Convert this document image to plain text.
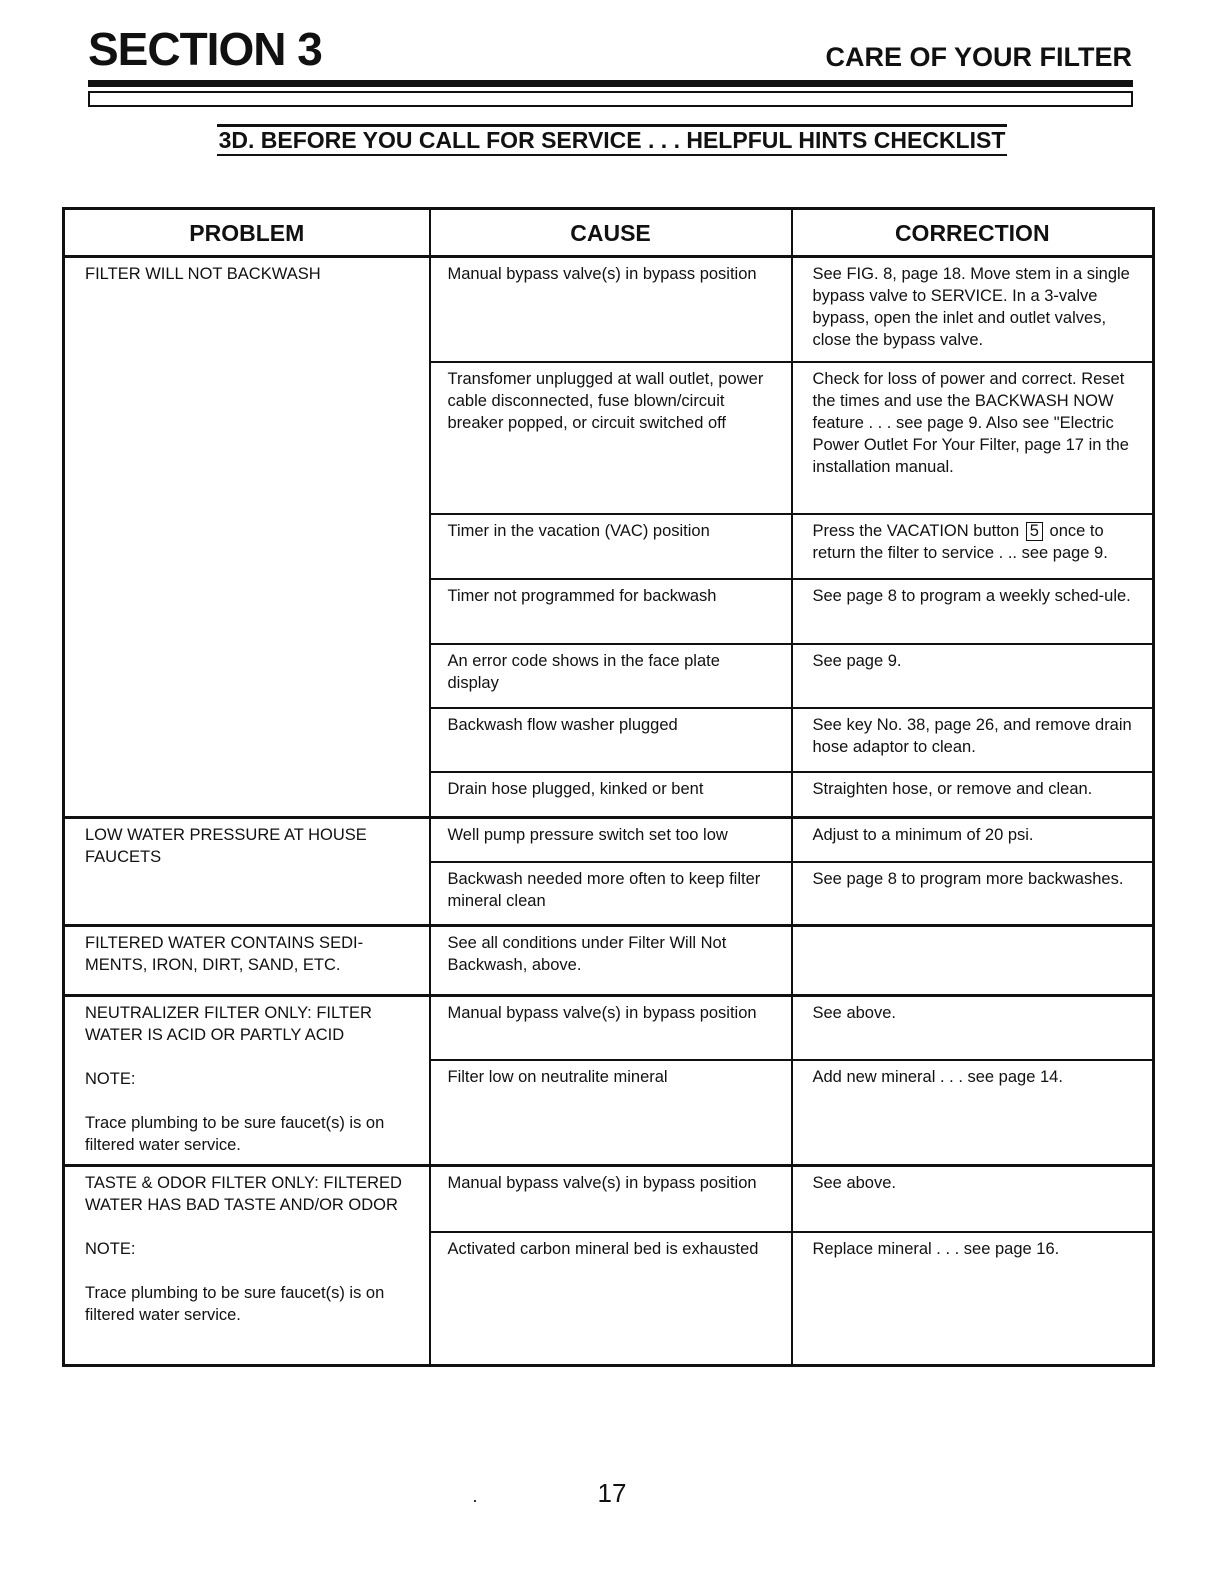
SECTION 3	CARE OF YOUR FILTER
3D. BEFORE YOU CALL FOR SERVICE . . . HELPFUL HINTS CHECKLIST
PROBLEM	CAUSE	CORRECTION

FILTER WILL NOT BACKWASH	Manual bypass valve(s) in bypass position	See FIG. 8, page 18. Move stem in a single bypass valve to SERVICE. In a 3-valve bypass, open the inlet and outlet valves, close the bypass valve.
	Transfomer unplugged at wall outlet, power cable disconnected, fuse blown/circuit breaker popped, or circuit switched off	Check for loss of power and correct. Reset the times and use the BACKWASH NOW feature . . . see page 9. Also see "Electric Power Outlet For Your Filter, page 17 in the installation manual.
	Timer in the vacation (VAC) position	Press the VACATION button 5 once to return the filter to service . .. see page 9.
	Timer not programmed for backwash	See page 8 to program a weekly sched-ule.
	An error code shows in the face plate display	See page 9.
	Backwash flow washer plugged	See key No. 38, page 26, and remove drain hose adaptor to clean.
	Drain hose plugged, kinked or bent	Straighten hose, or remove and clean.

LOW WATER PRESSURE AT HOUSE FAUCETS	Well pump pressure switch set too low	Adjust to a minimum of 20 psi.
	Backwash needed more often to keep filter mineral clean	See page 8 to program more backwashes.

FILTERED WATER CONTAINS SEDI-MENTS, IRON, DIRT, SAND, ETC.	See all conditions under Filter Will Not Backwash, above.	

NEUTRALIZER FILTER ONLY: FILTER WATER IS ACID OR PARTLY ACID

NOTE:

Trace plumbing to be sure faucet(s) is on filtered water service.	Manual bypass valve(s) in bypass position	See above.
	Filter low on neutralite mineral	Add new mineral . . . see page 14.

TASTE & ODOR FILTER ONLY: FILTERED WATER HAS BAD TASTE AND/OR ODOR

NOTE:

Trace plumbing to be sure faucet(s) is on filtered water service.	Manual bypass valve(s) in bypass position	See above.
	Activated carbon mineral bed is exhausted	Replace mineral . . . see page 16.

17
